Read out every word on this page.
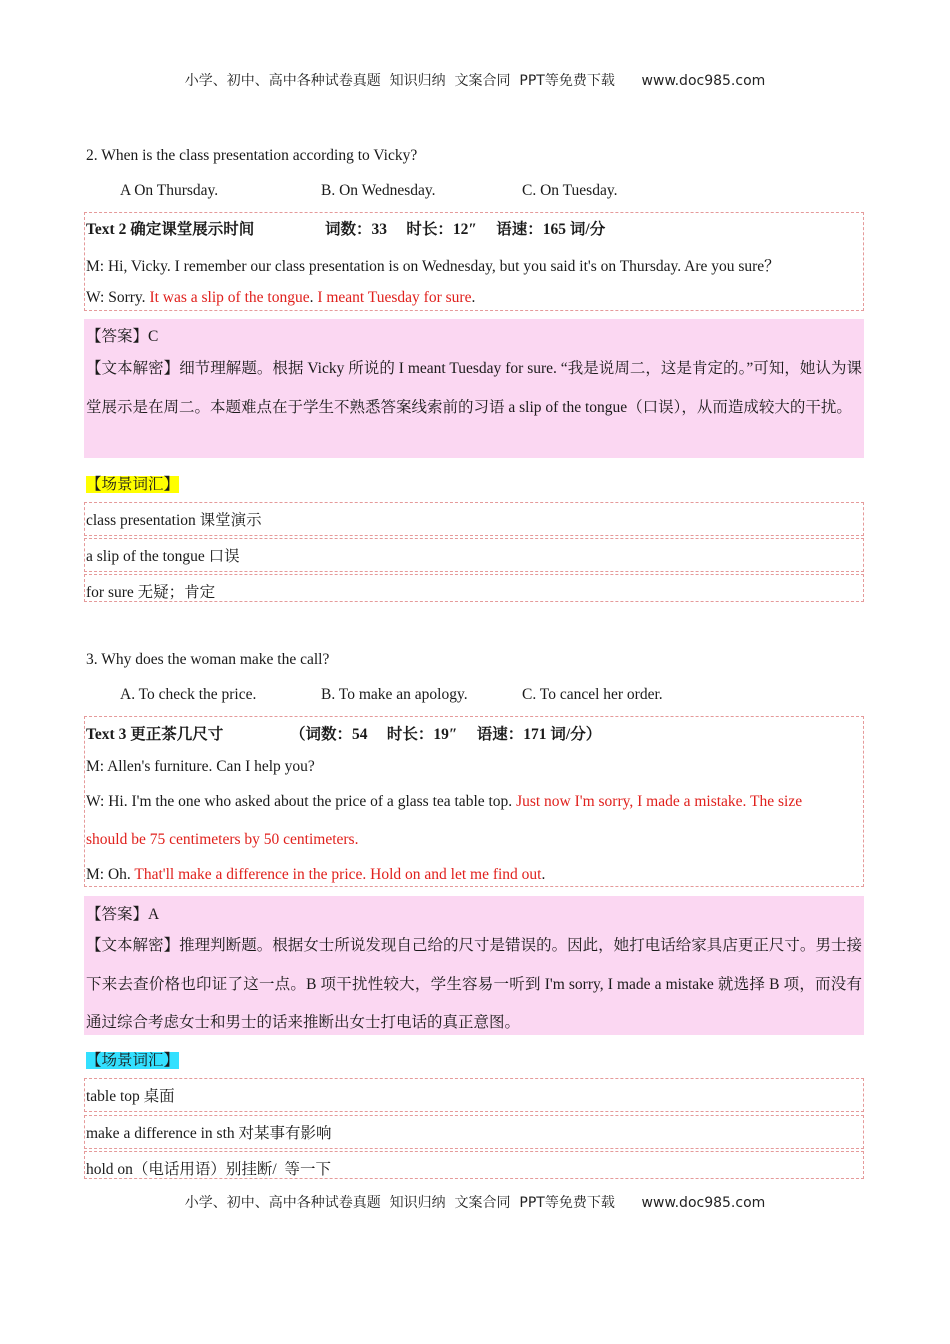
小学、初中、高中各种试卷真题  知识归纳  文案合同  PPT等免费下载      www.doc985.com
2. When is the class presentation according to Vicky?
A On Thursday.	B. On Wednesday.	C. On Tuesday.
Text 2 确定课堂展示时间	词数：33     时长：12″     语速：165 词/分
M: Hi, Vicky. I remember our class presentation is on Wednesday, but you said it's on Thursday. Are you sure？
W: Sorry. It was a slip of the tongue. I meant Tuesday for sure.
【答案】C
【文本解密】细节理解题。根据 Vicky 所说的 I meant Tuesday for sure. “我是说周二，这是肯定的。”可知，她认为课堂展示是在周二。本题难点在于学生不熟悉答案线索前的习语 a slip of the tongue（口误），从而造成较大的干扰。
【场景词汇】
class presentation 课堂演示
a slip of the tongue 口误
for sure 无疑；肯定
3. Why does the woman make the call?
A. To check the price.	B. To make an apology.	C. To cancel her order.
Text 3 更正茶几尺寸	（词数：54     时长：19″     语速：171 词/分）
M: Allen's furniture. Can I help you?
W: Hi. I'm the one who asked about the price of a glass tea table top. Just now I'm sorry, I made a mistake. The size
should be 75 centimeters by 50 centimeters.
M: Oh. That'll make a difference in the price. Hold on and let me find out.
【答案】A
【文本解密】推理判断题。根据女士所说发现自己给的尺寸是错误的。因此，她打电话给家具店更正尺寸。男士接下来去查价格也印证了这一点。B 项干扰性较大，学生容易一听到 I'm sorry, I made a mistake 就选择 B 项，而没有通过综合考虑女士和男士的话来推断出女士打电话的真正意图。
【场景词汇】
table top 桌面
make a difference in sth 对某事有影响
hold on（电话用语）别挂断/  等一下
小学、初中、高中各种试卷真题  知识归纳  文案合同  PPT等免费下载      www.doc985.com
